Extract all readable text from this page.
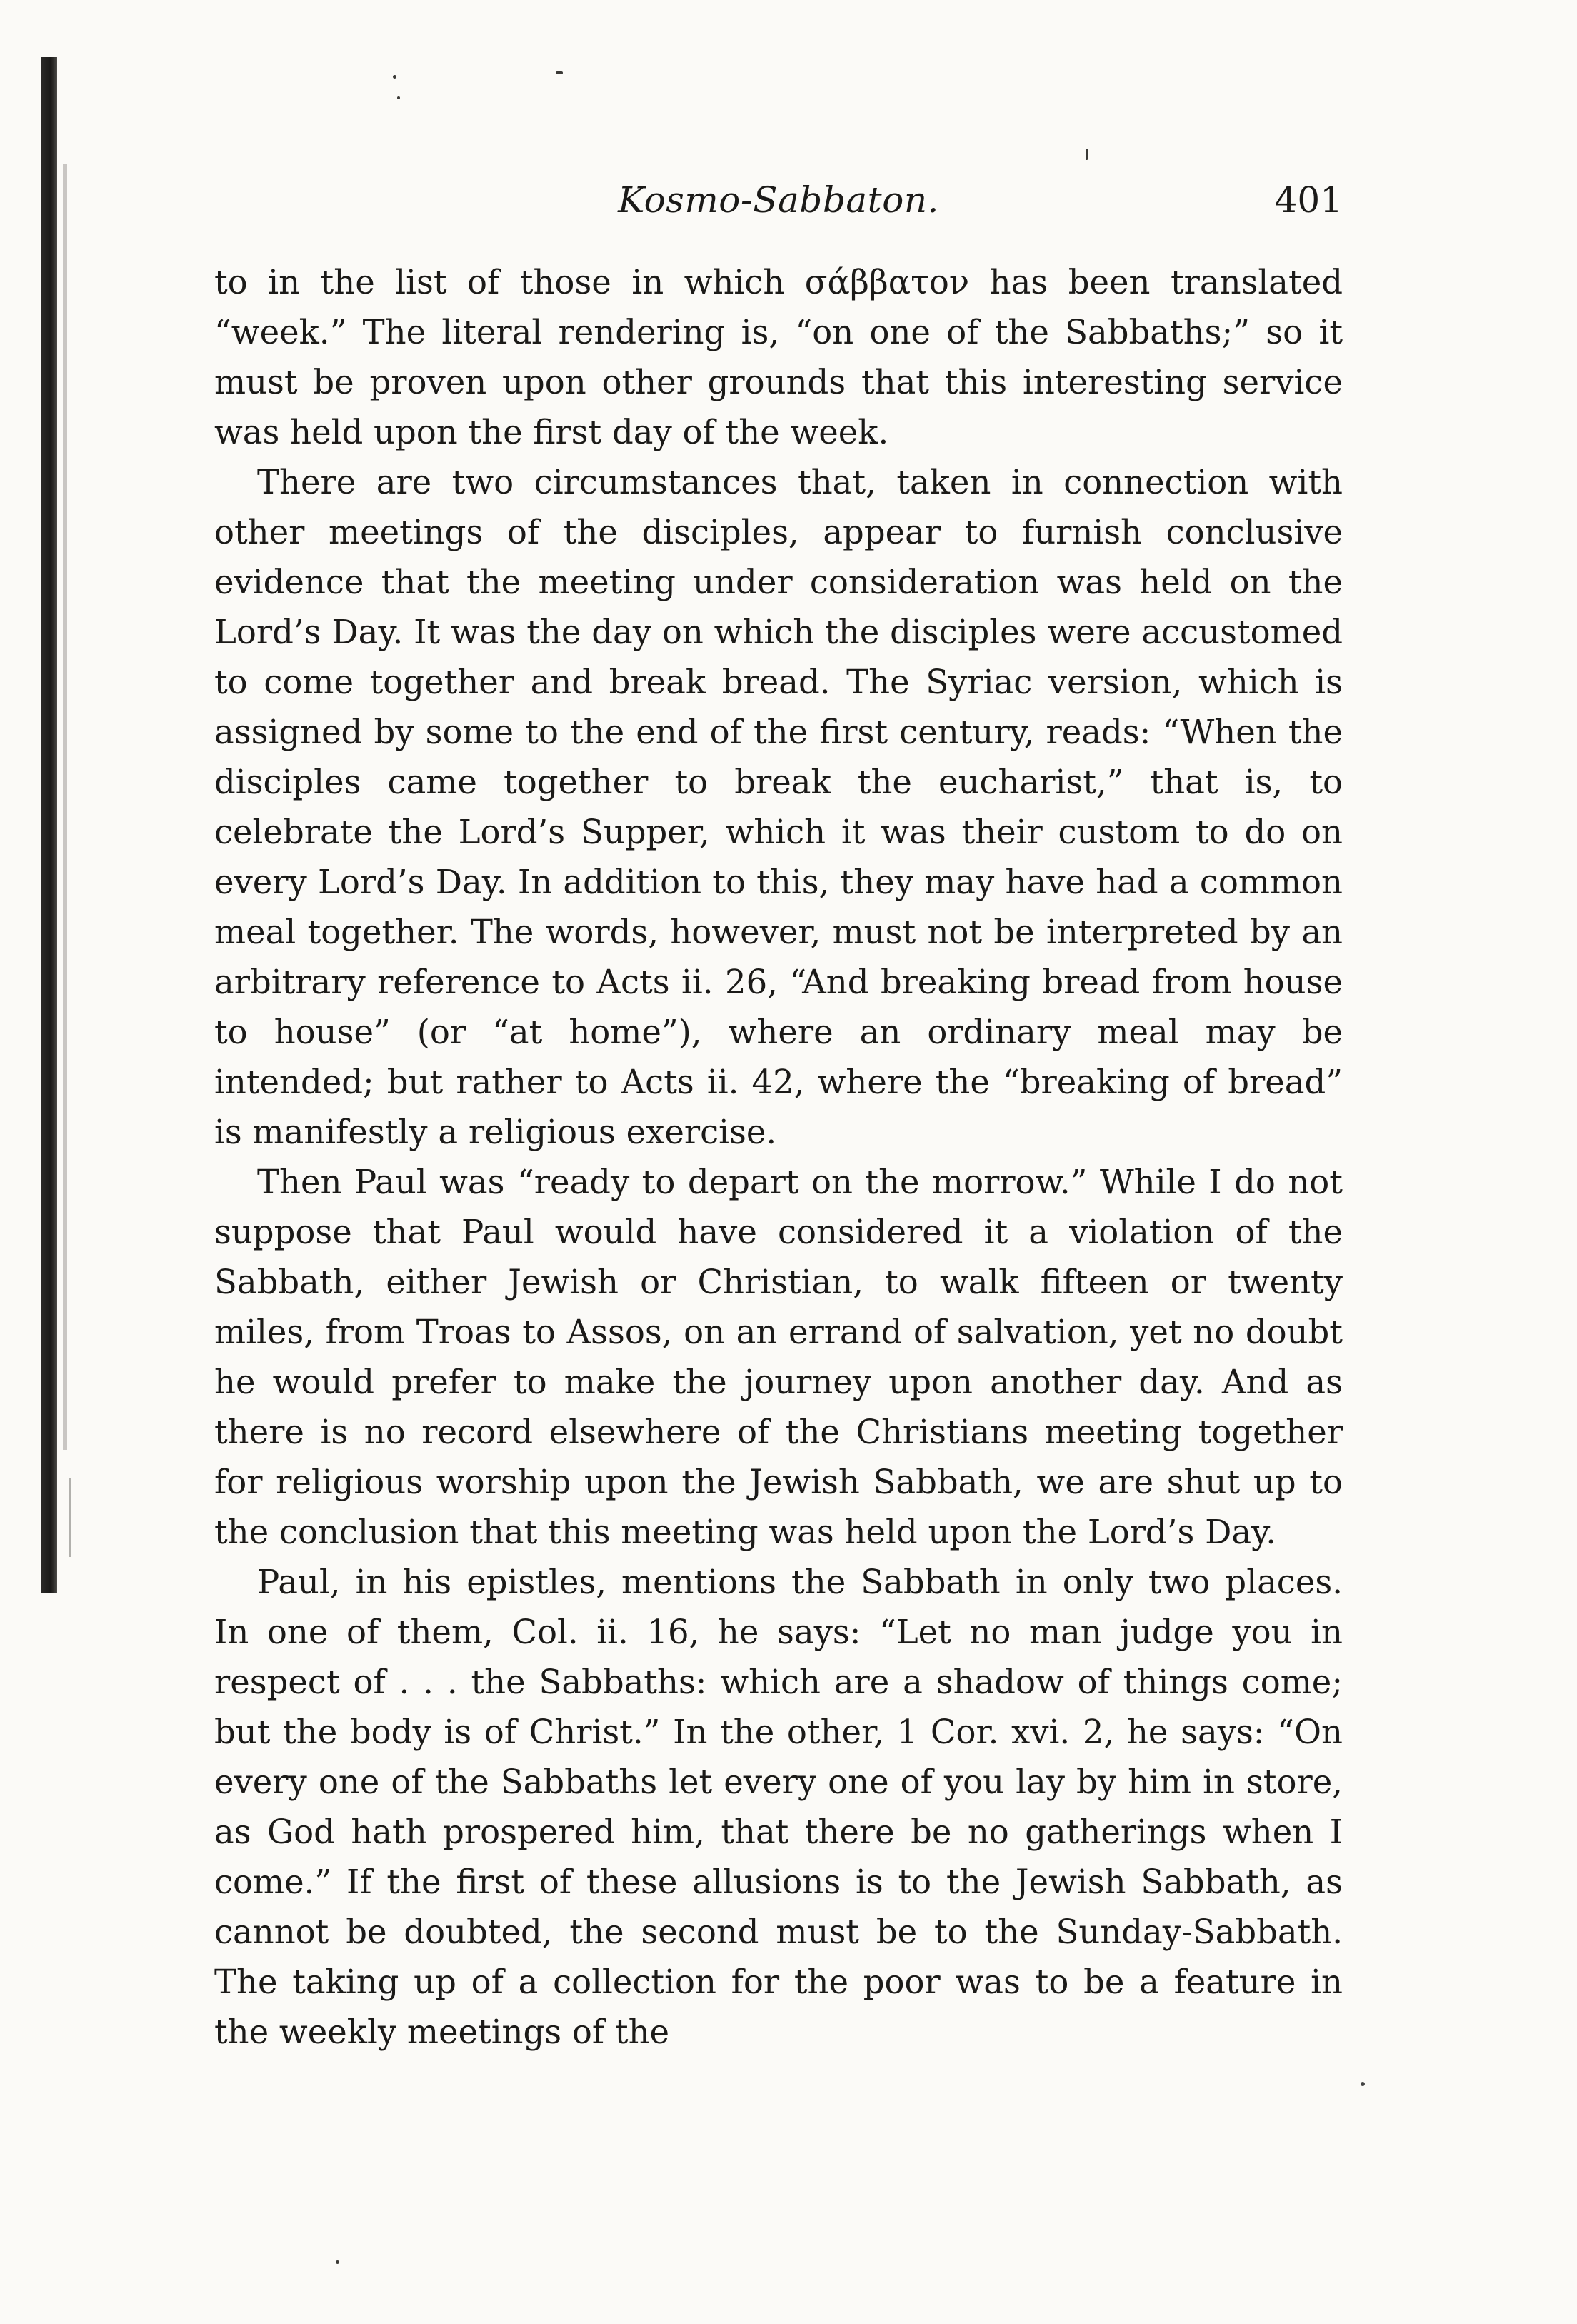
Kosmo-Sabbaton.	401

to in the list of those in which σάββατον has been translated “week.” The literal rendering is, “on one of the Sabbaths;” so it must be proven upon other grounds that this interesting service was held upon the first day of the week.

There are two circumstances that, taken in connection with other meetings of the disciples, appear to furnish conclusive evidence that the meeting under consideration was held on the Lord’s Day. It was the day on which the disciples were accustomed to come together and break bread. The Syriac version, which is assigned by some to the end of the first century, reads: “When the disciples came together to break the eucharist,” that is, to celebrate the Lord’s Supper, which it was their custom to do on every Lord’s Day. In addition to this, they may have had a common meal together. The words, however, must not be interpreted by an arbitrary reference to Acts ii. 26, “And breaking bread from house to house” (or “at home”), where an ordinary meal may be intended; but rather to Acts ii. 42, where the “breaking of bread” is manifestly a religious exercise.

Then Paul was “ready to depart on the morrow.” While I do not suppose that Paul would have considered it a violation of the Sabbath, either Jewish or Christian, to walk fifteen or twenty miles, from Troas to Assos, on an errand of salvation, yet no doubt he would prefer to make the journey upon another day. And as there is no record elsewhere of the Christians meeting together for religious worship upon the Jewish Sabbath, we are shut up to the conclusion that this meeting was held upon the Lord’s Day.

Paul, in his epistles, mentions the Sabbath in only two places. In one of them, Col. ii. 16, he says: “Let no man judge you in respect of . . . the Sabbaths: which are a shadow of things come; but the body is of Christ.” In the other, 1 Cor. xvi. 2, he says: “On every one of the Sabbaths let every one of you lay by him in store, as God hath prospered him, that there be no gatherings when I come.” If the first of these allusions is to the Jewish Sabbath, as cannot be doubted, the second must be to the Sunday-Sabbath. The taking up of a collection for the poor was to be a feature in the weekly meetings of the
